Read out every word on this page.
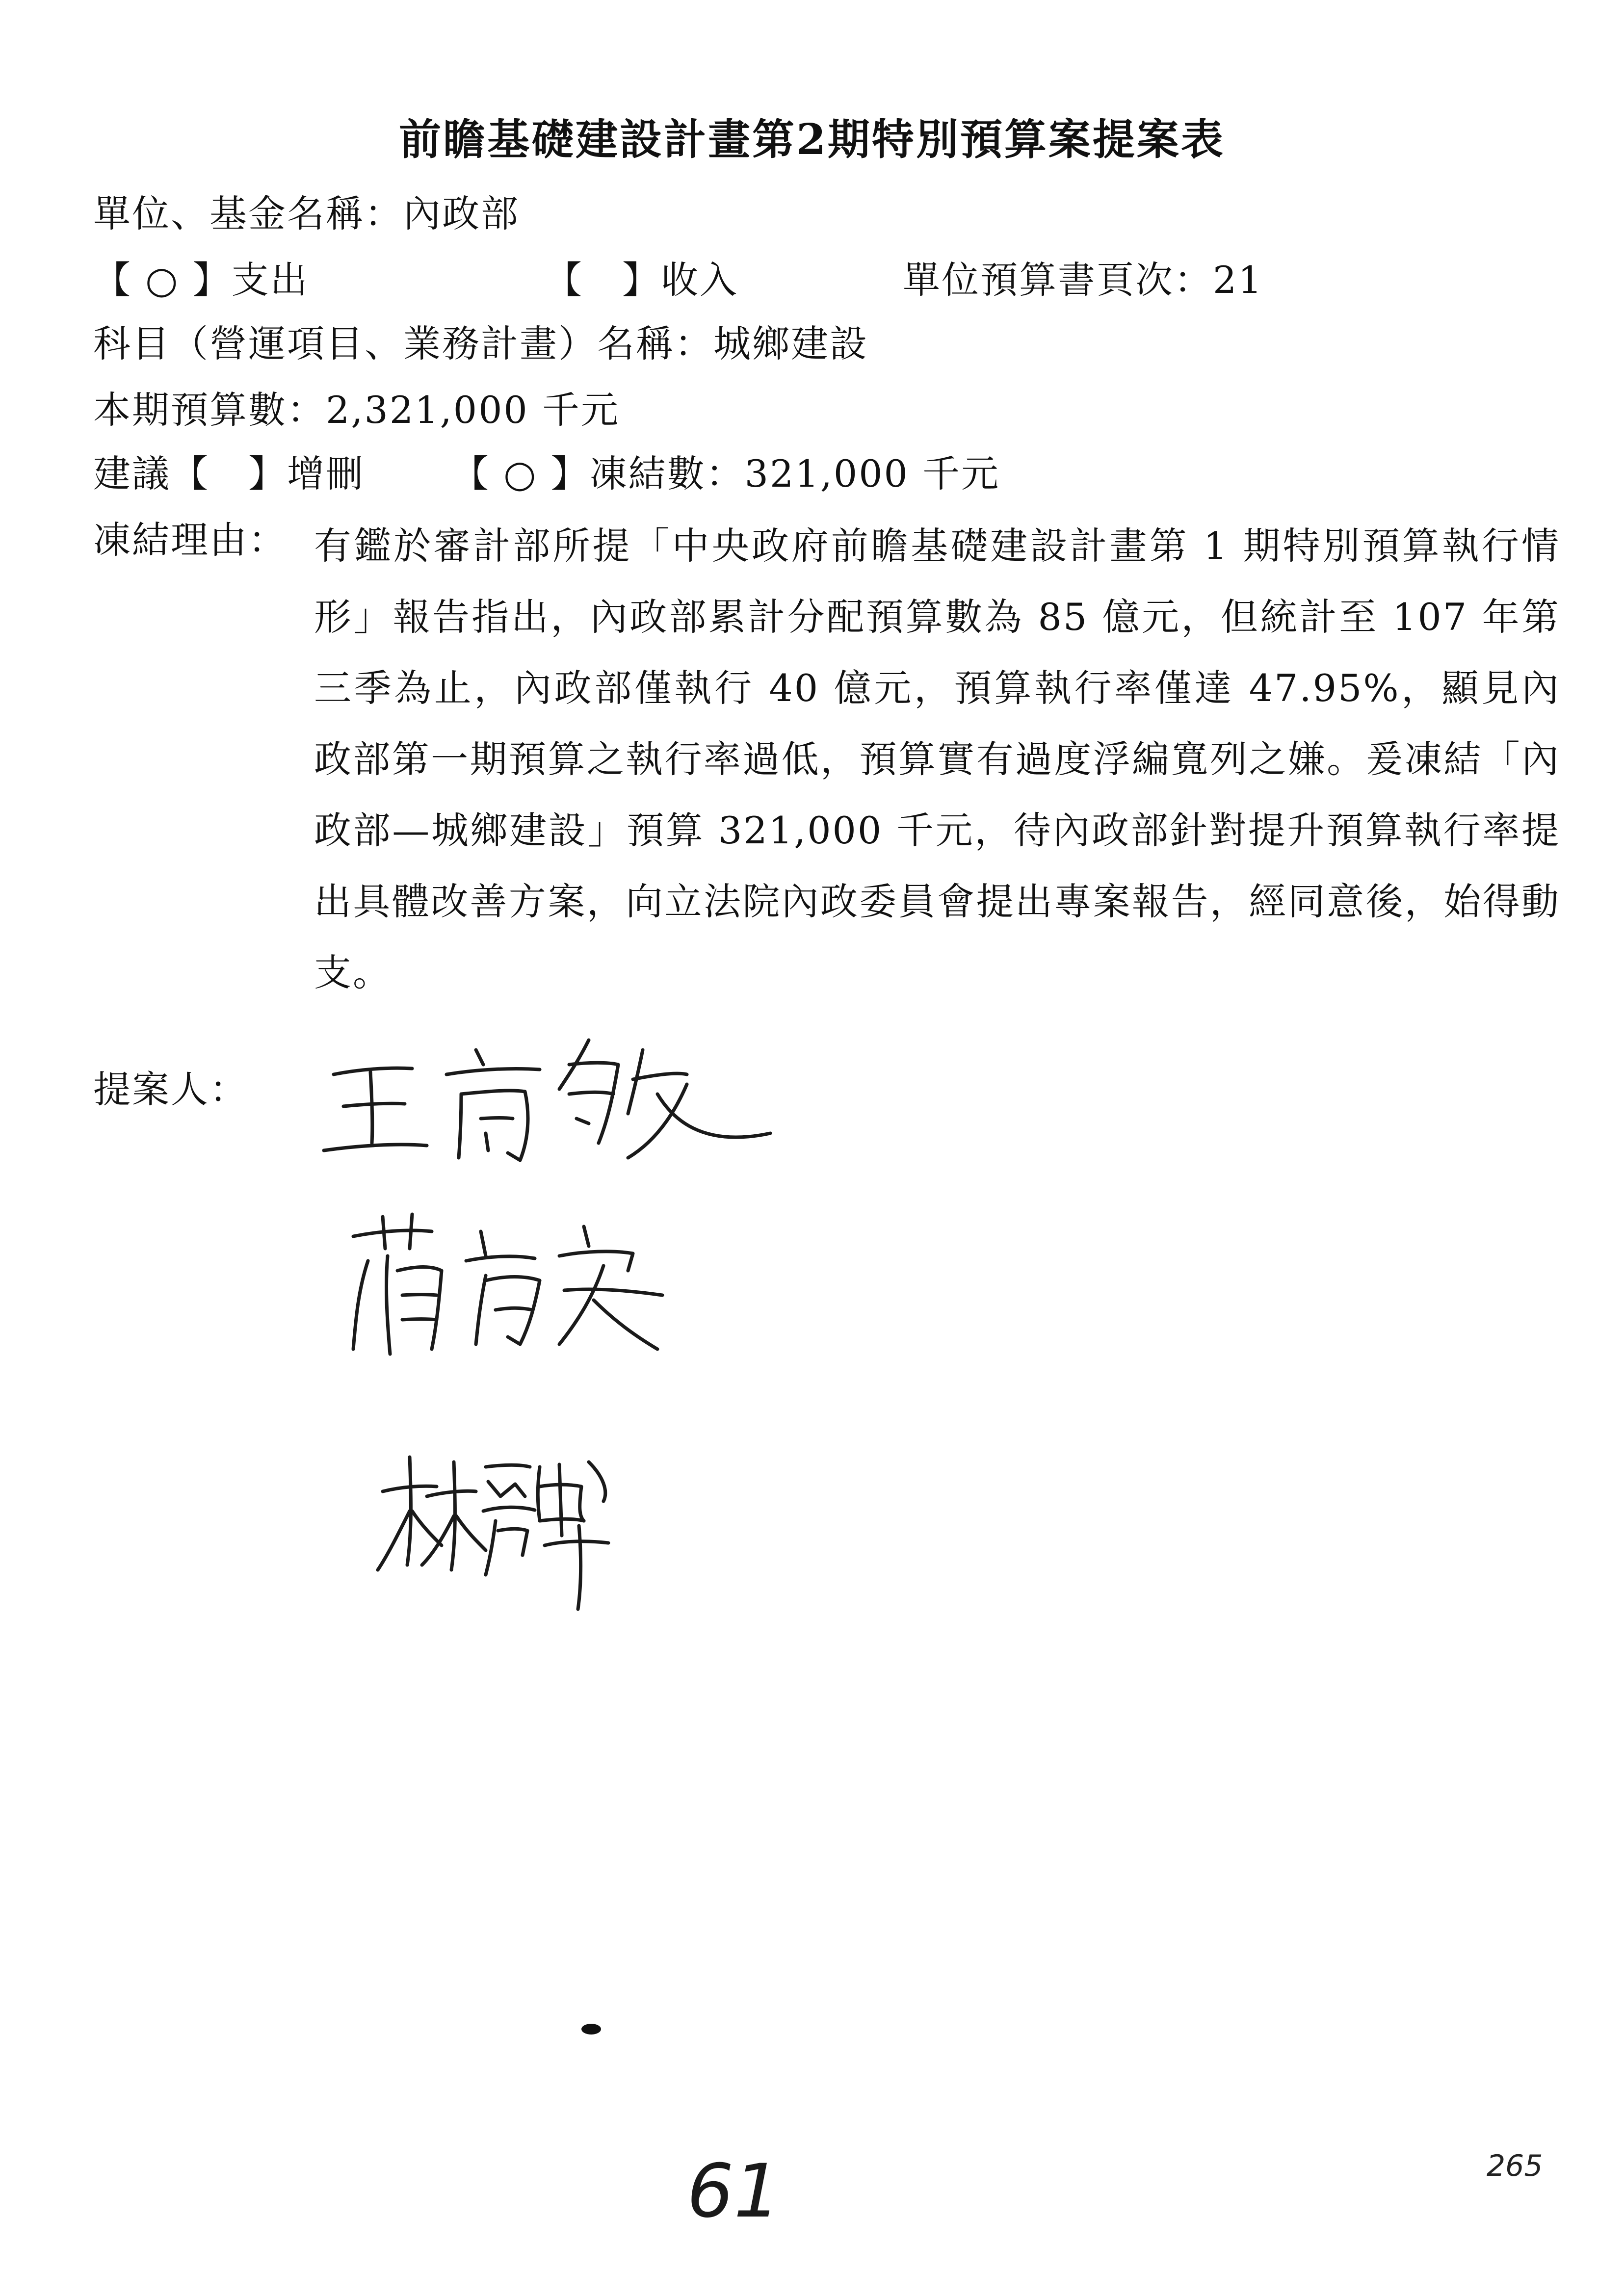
前瞻基礎建設計畫第2期特別預算案提案表
單位、基金名稱：內政部
【 ○ 】支出	【　】收入	單位預算書頁次：21
科目（營運項目、業務計畫）名稱：城鄉建設
本期預算數：2,321,000 千元
建議【　】增刪 【 ○ 】凍結數：321,000 千元
凍結理由： 有鑑於審計部所提「中央政府前瞻基礎建設計畫第 1 期特別預算執行情形」報告指出，內政部累計分配預算數為 85 億元，但統計至 107 年第三季為止，內政部僅執行 40 億元，預算執行率僅達 47.95%，顯見內政部第一期預算之執行率過低，預算實有過度浮編寬列之嫌。爰凍結「內政部—城鄉建設」預算 321,000 千元，待內政部針對提升預算執行率提出具體改善方案，向立法院內政委員會提出專案報告，經同意後，始得動支。
提案人：
61	265
